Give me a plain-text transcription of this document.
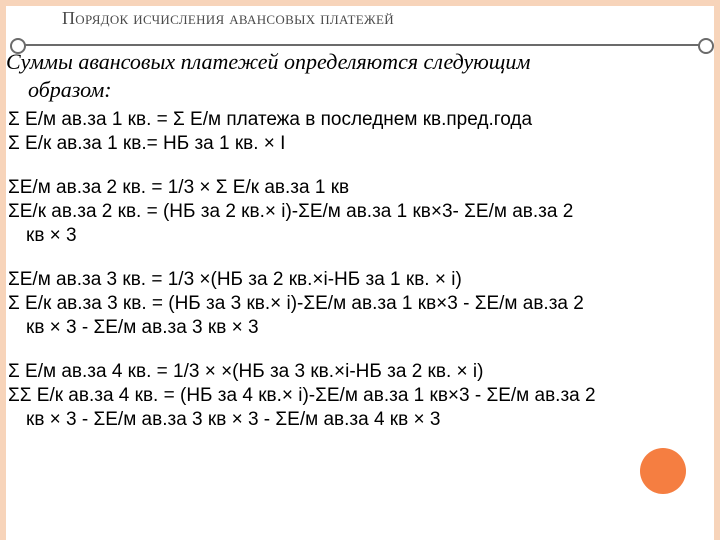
Порядок исчисления авансовых платежей
Суммы авансовых платежей определяются следующим
образом:
Σ Е/м ав.за 1 кв. = Σ Е/м платежа в последнем кв.пред.года
Σ Е/к ав.за 1 кв.= НБ за 1 кв. × I
ΣЕ/м ав.за 2 кв. = 1/3 × Σ Е/к ав.за 1 кв
ΣЕ/к ав.за 2 кв. = (НБ за 2 кв.× i)-ΣЕ/м ав.за 1 кв×3- ΣЕ/м ав.за 2
кв × 3
ΣЕ/м ав.за 3 кв. = 1/3 ×(НБ за 2 кв.×i-НБ за 1 кв. × i)
Σ Е/к ав.за 3 кв. = (НБ за 3 кв.× i)-ΣЕ/м ав.за 1 кв×3 - ΣЕ/м ав.за 2
кв × 3 - ΣЕ/м ав.за 3 кв × 3
Σ Е/м ав.за 4 кв. = 1/3 × ×(НБ за 3 кв.×i-НБ за 2 кв. × i)
ΣΣ Е/к ав.за 4 кв. = (НБ за 4 кв.× i)-ΣЕ/м ав.за 1 кв×3 - ΣЕ/м ав.за 2
кв × 3 - ΣЕ/м ав.за 3 кв × 3 - ΣЕ/м ав.за 4 кв × 3
